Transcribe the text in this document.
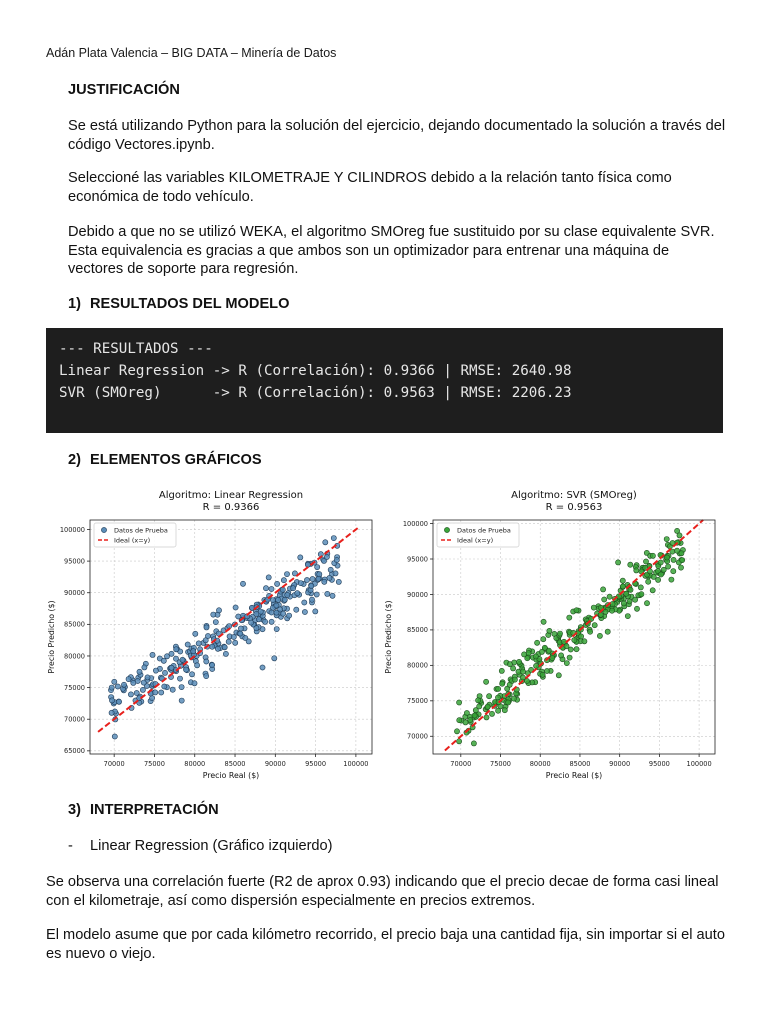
Adán Plata Valencia – BIG DATA – Minería de Datos
JUSTIFICACIÓN
Se está utilizando Python para la solución del ejercicio, dejando documentado la solución a través del código Vectores.ipynb.
Seleccioné las variables KILOMETRAJE Y CILINDROS debido a la relación tanto física como económica de todo vehículo.
Debido a que no se utilizó WEKA, el algoritmo SMOreg fue sustituido por su clase equivalente SVR. Esta equivalencia es gracias a que ambos son un optimizador para entrenar una máquina de vectores de soporte para regresión.
1) RESULTADOS DEL MODELO
--- RESULTADOS ---
Linear Regression -> R (Correlación): 0.9366 | RMSE: 2640.98
SVR (SMOreg)      -> R (Correlación): 0.9563 | RMSE: 2206.23
2) ELEMENTOS GRÁFICOS
Algoritmo: Linear Regression
R = 0.9366
70000	75000	80000	85000	90000	95000	100000
65000
70000
75000
80000
85000
90000
95000
100000	Datos de Prueba
Ideal (x=y)
Precio Real ($)
Precio Predicho ($)
Algoritmo: SVR (SMOreg)
R = 0.9563
70000	75000	80000	85000	90000	95000	100000
70000
75000
80000
85000
90000
95000
100000
Datos de Prueba
Ideal (x=y)
Precio Real ($)
Precio Predicho ($)
3) INTERPRETACIÓN
- Linear Regression (Gráfico izquierdo)
Se observa una correlación fuerte (R2 de aprox 0.93) indicando que el precio decae de forma casi lineal con el kilometraje, así como dispersión especialmente en precios extremos.
El modelo asume que por cada kilómetro recorrido, el precio baja una cantidad fija, sin importar si el auto es nuevo o viejo.
